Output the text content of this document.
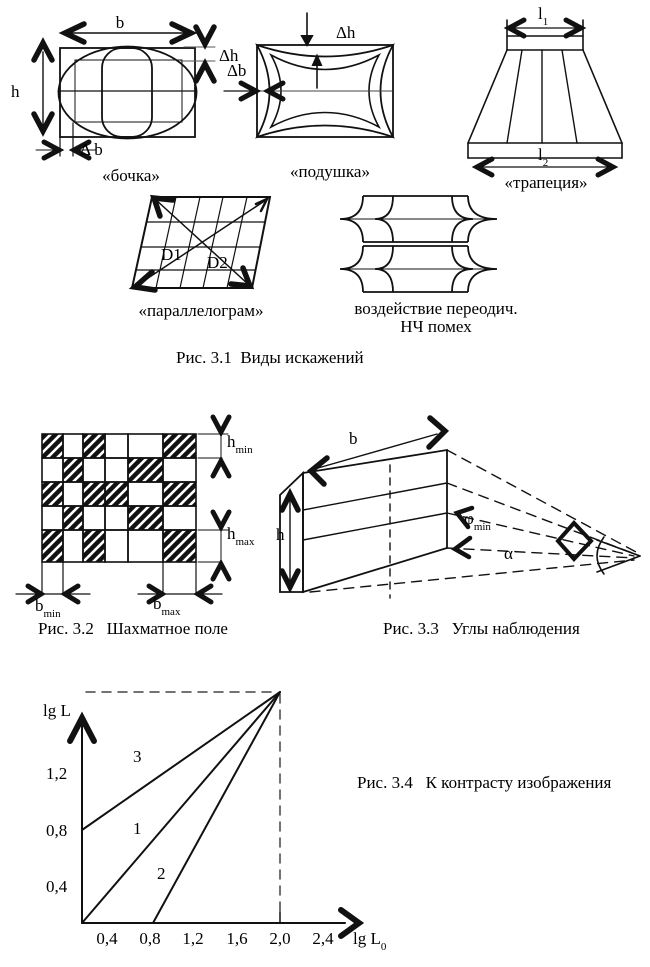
b
h
Δh
Δ b
«бочка»
Δh
Δb
«подушка»
$l_1$
$l_2$
«трапеция»
D1 D2
«параллелограм»	воздействие переодич.
НЧ помех
Рис. 3.1  Виды искажений
$h_{min}$
$h_{max}$
$b_{min}$
$b_{max}$
Рис. 3.2   Шахматное поле
b
h
$\varphi_{min}$
α
Рис. 3.3   Углы наблюдения
lg L
1,2
0,8
0,4
0,4 0,8 1,2 1,6 2,0 2,4 $\lg L_0$
3
1
2
Рис. 3.4   К контрасту изображения
